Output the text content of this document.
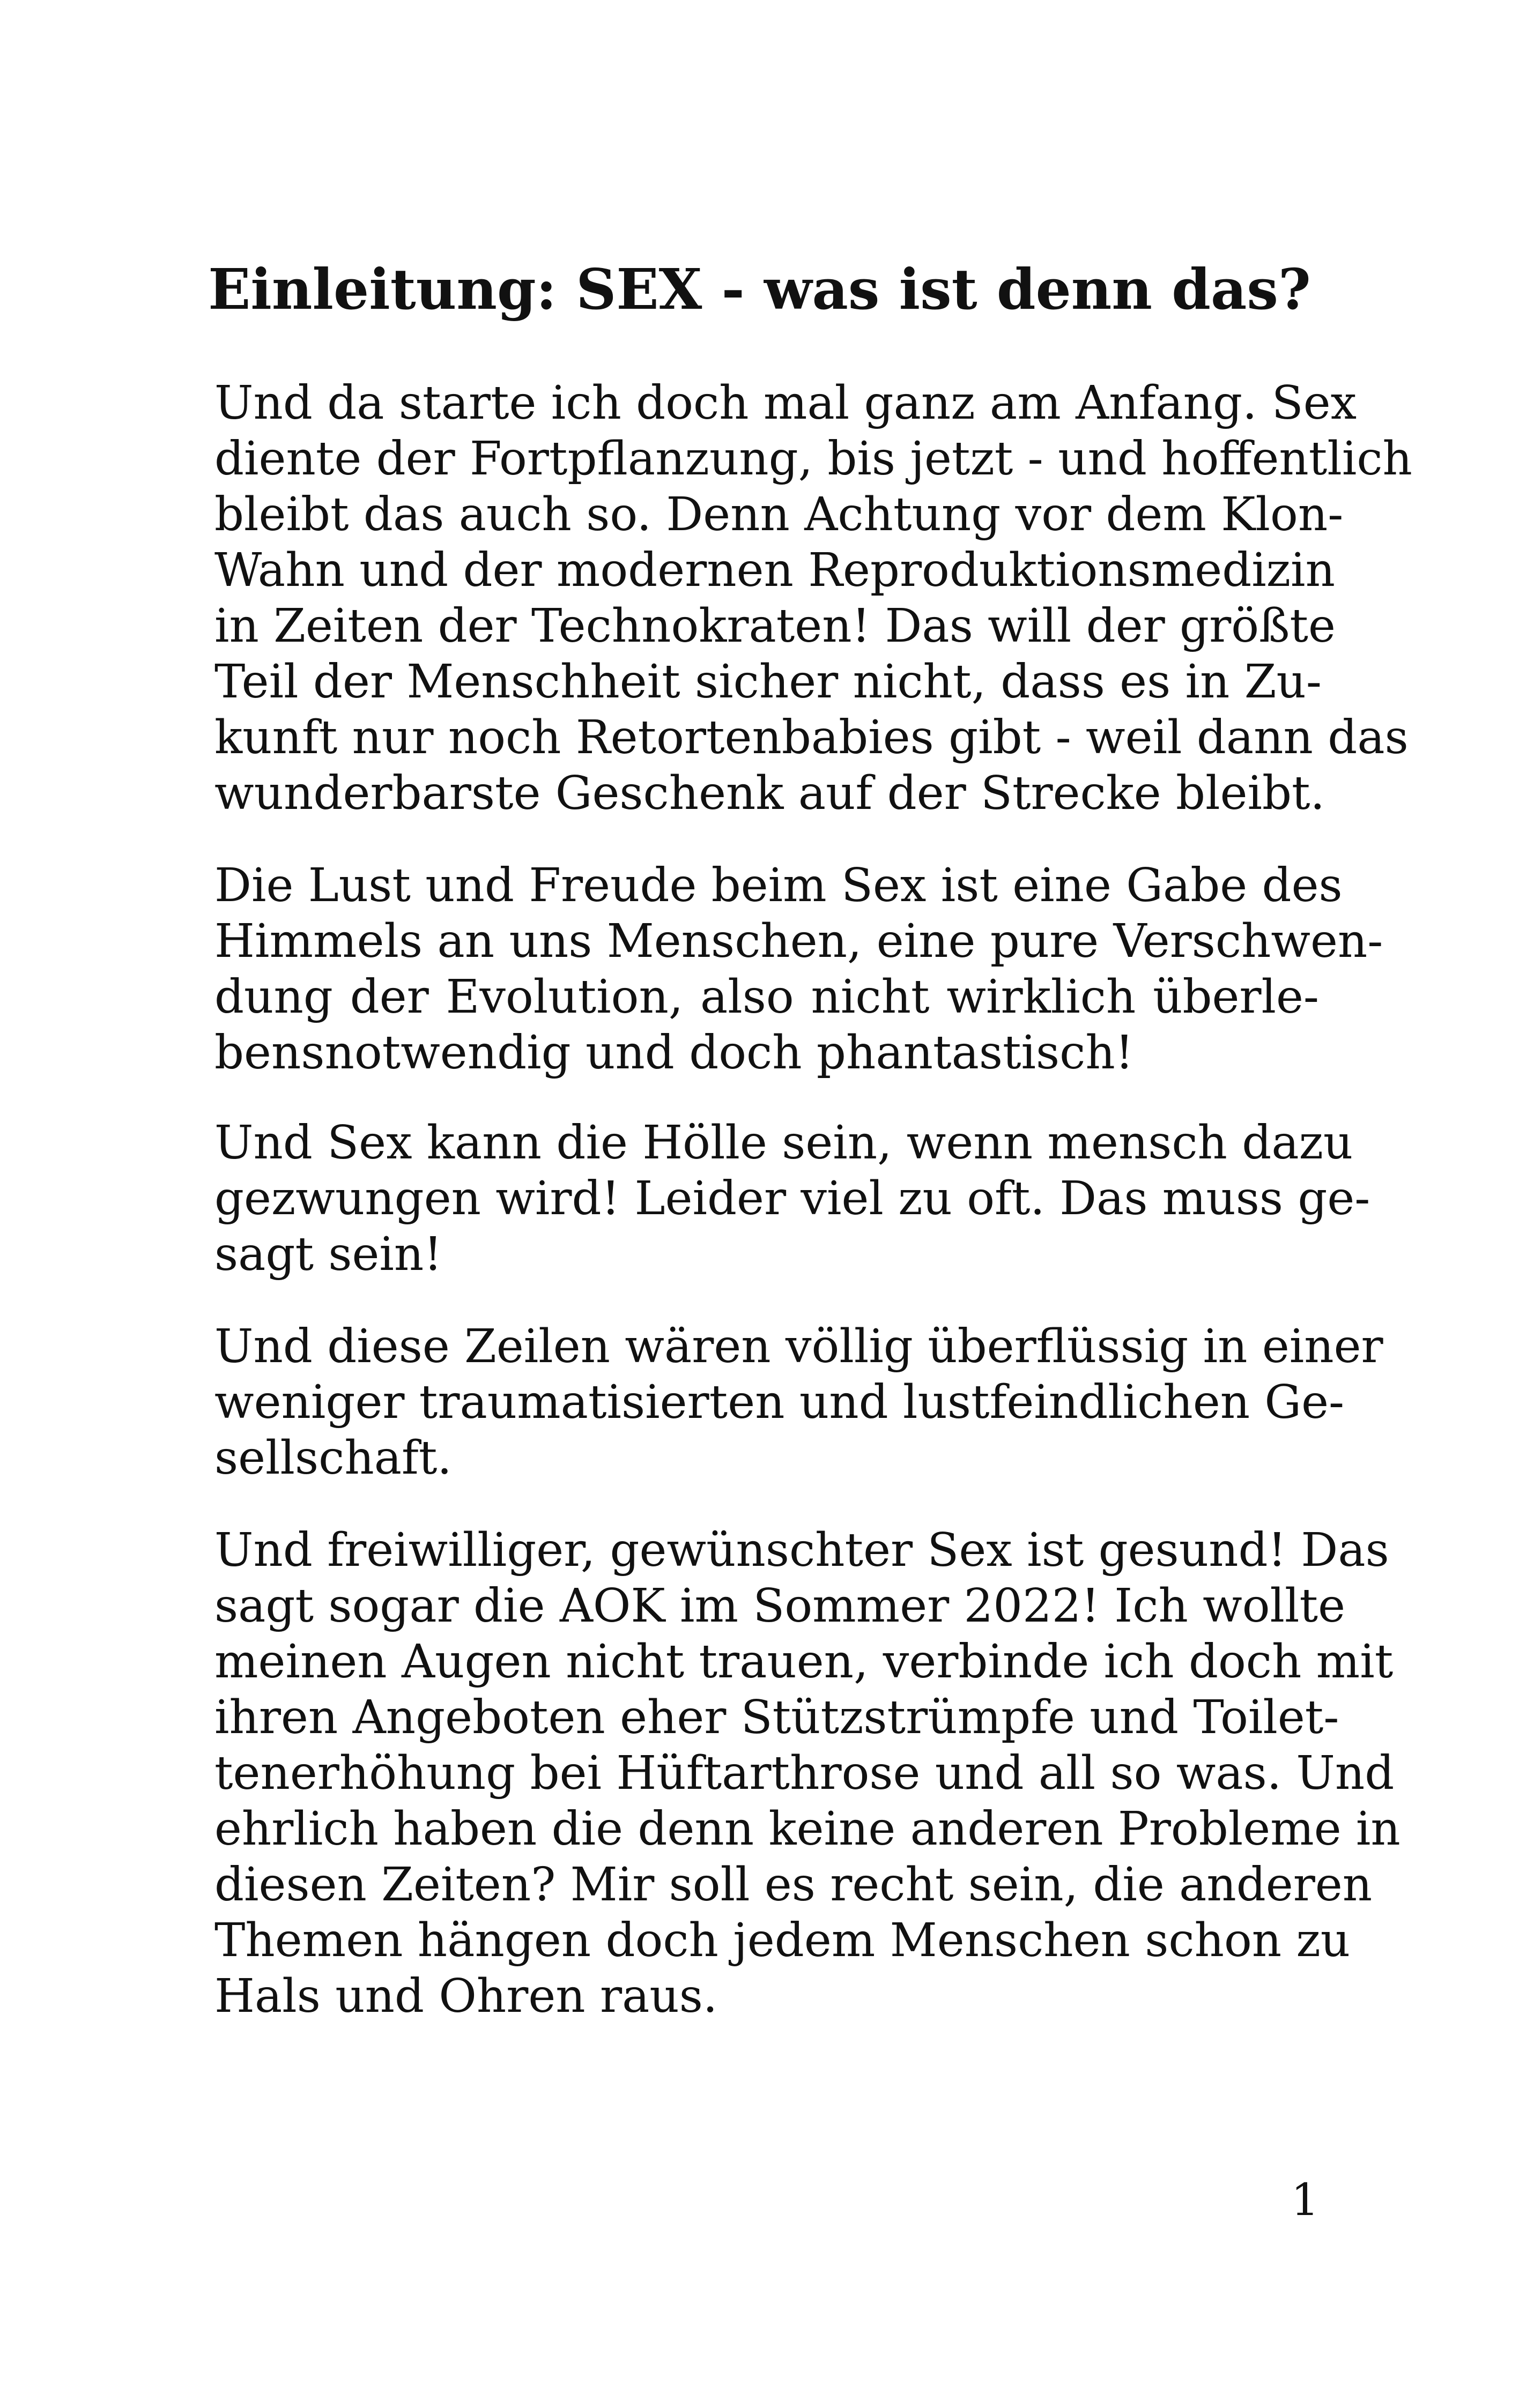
Einleitung: SEX - was ist denn das?
Und da starte ich doch mal ganz am Anfang. Sex
diente der Fortpflanzung, bis jetzt - und hoffentlich
bleibt das auch so. Denn Achtung vor dem Klon-
Wahn und der modernen Reproduktionsmedizin
in Zeiten der Technokraten! Das will der größte
Teil der Menschheit sicher nicht, dass es in Zu-
kunft nur noch Retortenbabies gibt - weil dann das
wunderbarste Geschenk auf der Strecke bleibt.
Die Lust und Freude beim Sex ist eine Gabe des
Himmels an uns Menschen, eine pure Verschwen-
dung der Evolution, also nicht wirklich überle-
bensnotwendig und doch phantastisch!
Und Sex kann die Hölle sein, wenn mensch dazu
gezwungen wird! Leider viel zu oft. Das muss ge-
sagt sein!
Und diese Zeilen wären völlig überflüssig in einer
weniger traumatisierten und lustfeindlichen Ge-
sellschaft.
Und freiwilliger, gewünschter Sex ist gesund! Das
sagt sogar die AOK im Sommer 2022! Ich wollte
meinen Augen nicht trauen, verbinde ich doch mit
ihren Angeboten eher Stützstrümpfe und Toilet-
tenerhöhung bei Hüftarthrose und all so was. Und
ehrlich haben die denn keine anderen Probleme in
diesen Zeiten? Mir soll es recht sein, die anderen
Themen hängen doch jedem Menschen schon zu
Hals und Ohren raus.
1
